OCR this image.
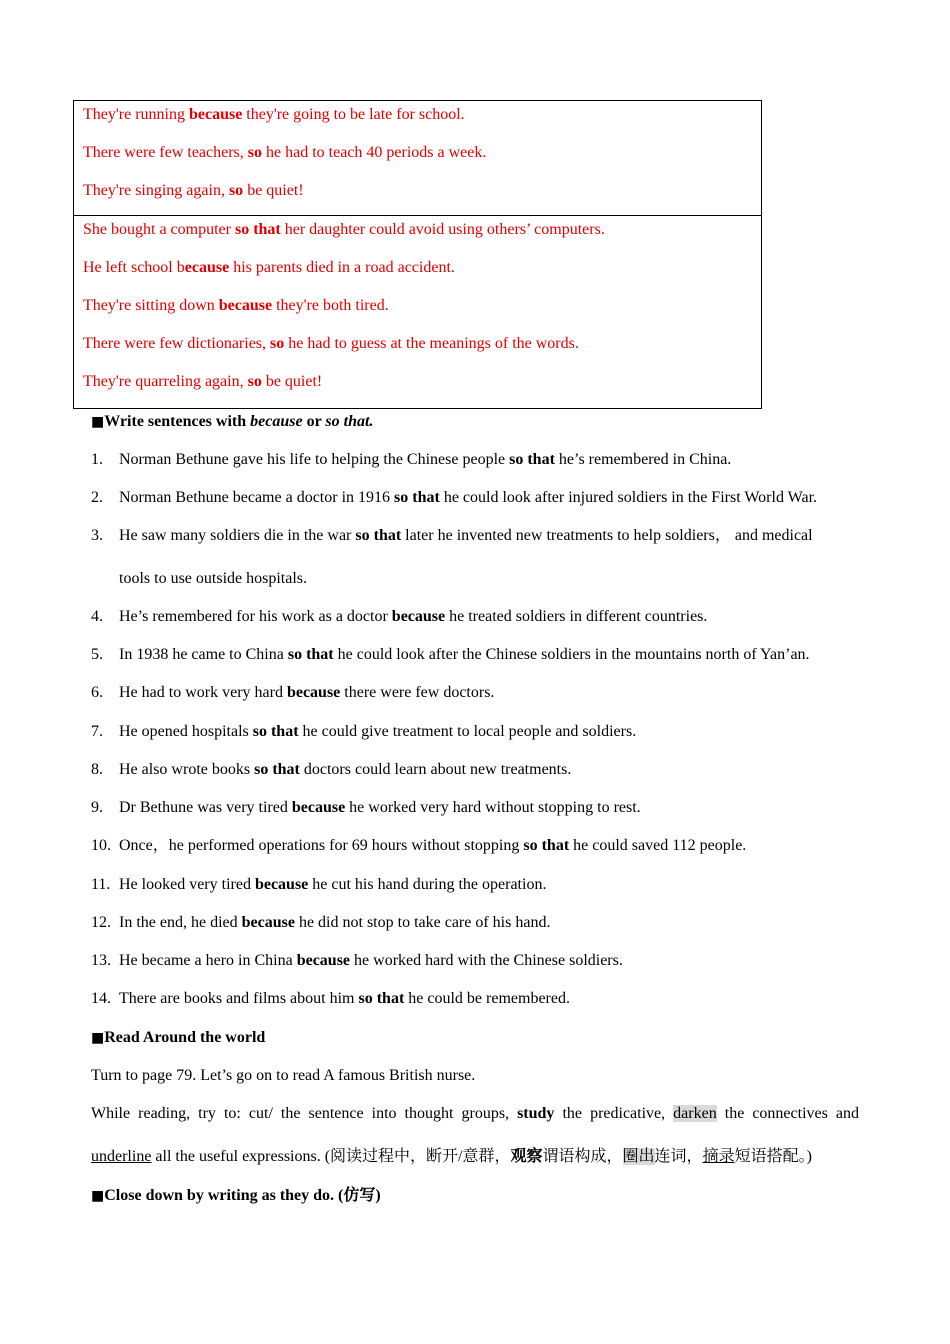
They're running because they're going to be late for school.

There were few teachers, so he had to teach 40 periods a week.

They're singing again, so be quiet!

She bought a computer so that her daughter could avoid using others’ computers.

He left school because his parents died in a road accident.

They're sitting down because they're both tired.

There were few dictionaries, so he had to guess at the meanings of the words.

They're quarreling again, so be quiet!

■Write sentences with because or so that.
1. Norman Bethune gave his life to helping the Chinese people so that he’s remembered in China.
2. Norman Bethune became a doctor in 1916 so that he could look after injured soldiers in the First World War.
3. He saw many soldiers die in the war so that later he invented new treatments to help soldiers， and medical
tools to use outside hospitals.
4. He’s remembered for his work as a doctor because he treated soldiers in different countries.
5. In 1938 he came to China so that he could look after the Chinese soldiers in the mountains north of Yan’an.
6. He had to work very hard because there were few doctors.
7. He opened hospitals so that he could give treatment to local people and soldiers.
8. He also wrote books so that doctors could learn about new treatments.
9. Dr Bethune was very tired because he worked very hard without stopping to rest.
10. Once，he performed operations for 69 hours without stopping so that he could saved 112 people.
11. He looked very tired because he cut his hand during the operation.
12. In the end, he died because he did not stop to take care of his hand.
13. He became a hero in China because he worked hard with the Chinese soldiers.
14. There are books and films about him so that he could be remembered.
■Read Around the world
Turn to page 79. Let’s go on to read A famous British nurse.
While reading, try to: cut/ the sentence into thought groups, study the predicative, darken the connectives and
underline all the useful expressions. (阅读过程中，断开/意群，观察谓语构成，圈出连词，摘录短语搭配。)
■Close down by writing as they do. (仿写)
